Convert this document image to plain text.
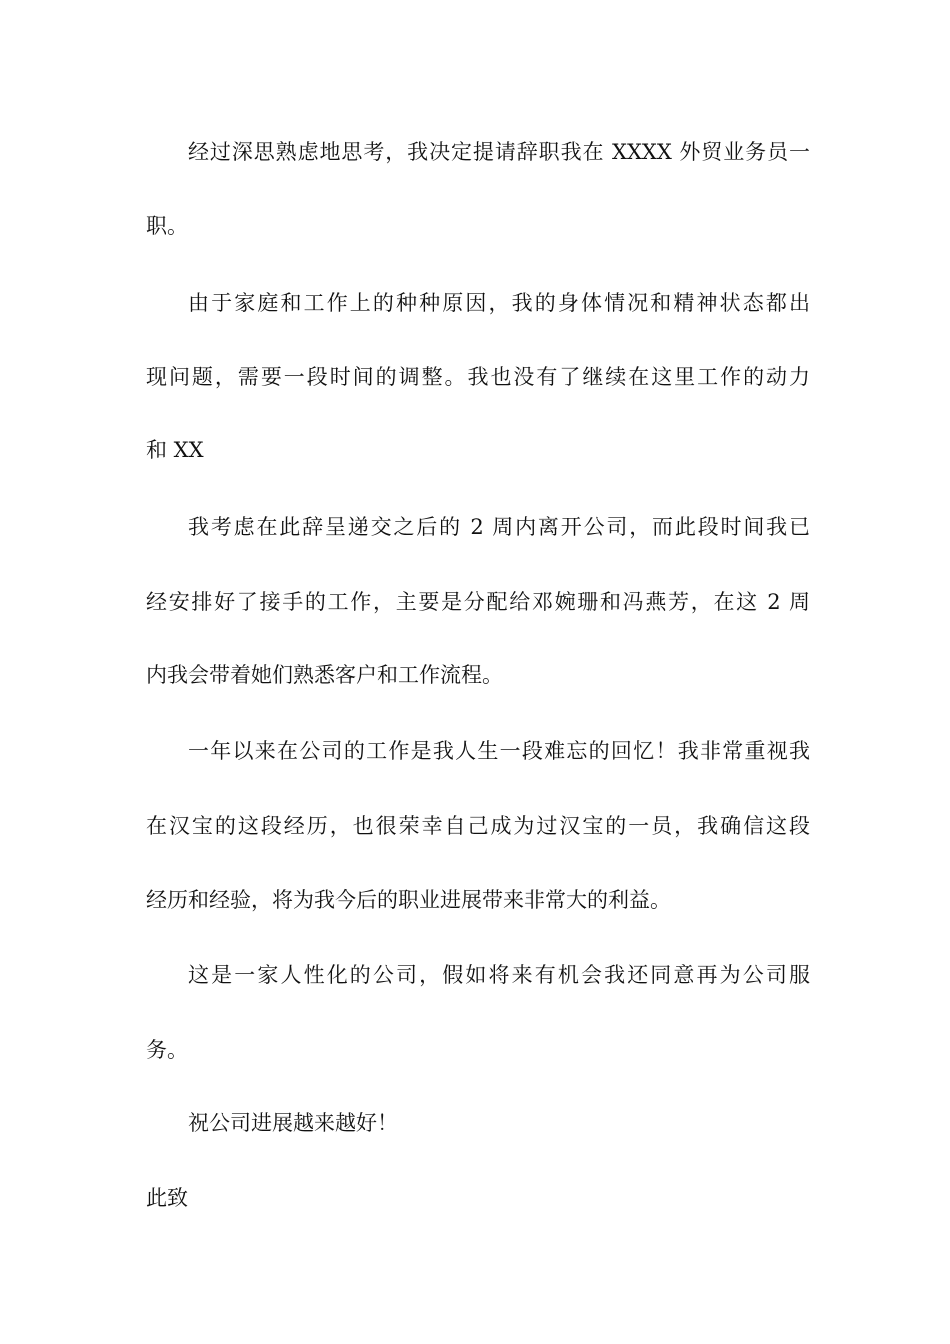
经过深思熟虑地思考，我决定提请辞职我在 XXXX 外贸业务员一

职。

由于家庭和工作上的种种原因，我的身体情况和精神状态都出

现问题，需要一段时间的调整。我也没有了继续在这里工作的动力

和 XX

我考虑在此辞呈递交之后的 2 周内离开公司，而此段时间我已

经安排好了接手的工作，主要是分配给邓婉珊和冯燕芳，在这 2 周

内我会带着她们熟悉客户和工作流程。

一年以来在公司的工作是我人生一段难忘的回忆！我非常重视我

在汉宝的这段经历，也很荣幸自己成为过汉宝的一员，我确信这段

经历和经验，将为我今后的职业进展带来非常大的利益。

这是一家人性化的公司，假如将来有机会我还同意再为公司服

务。

祝公司进展越来越好！

此致
